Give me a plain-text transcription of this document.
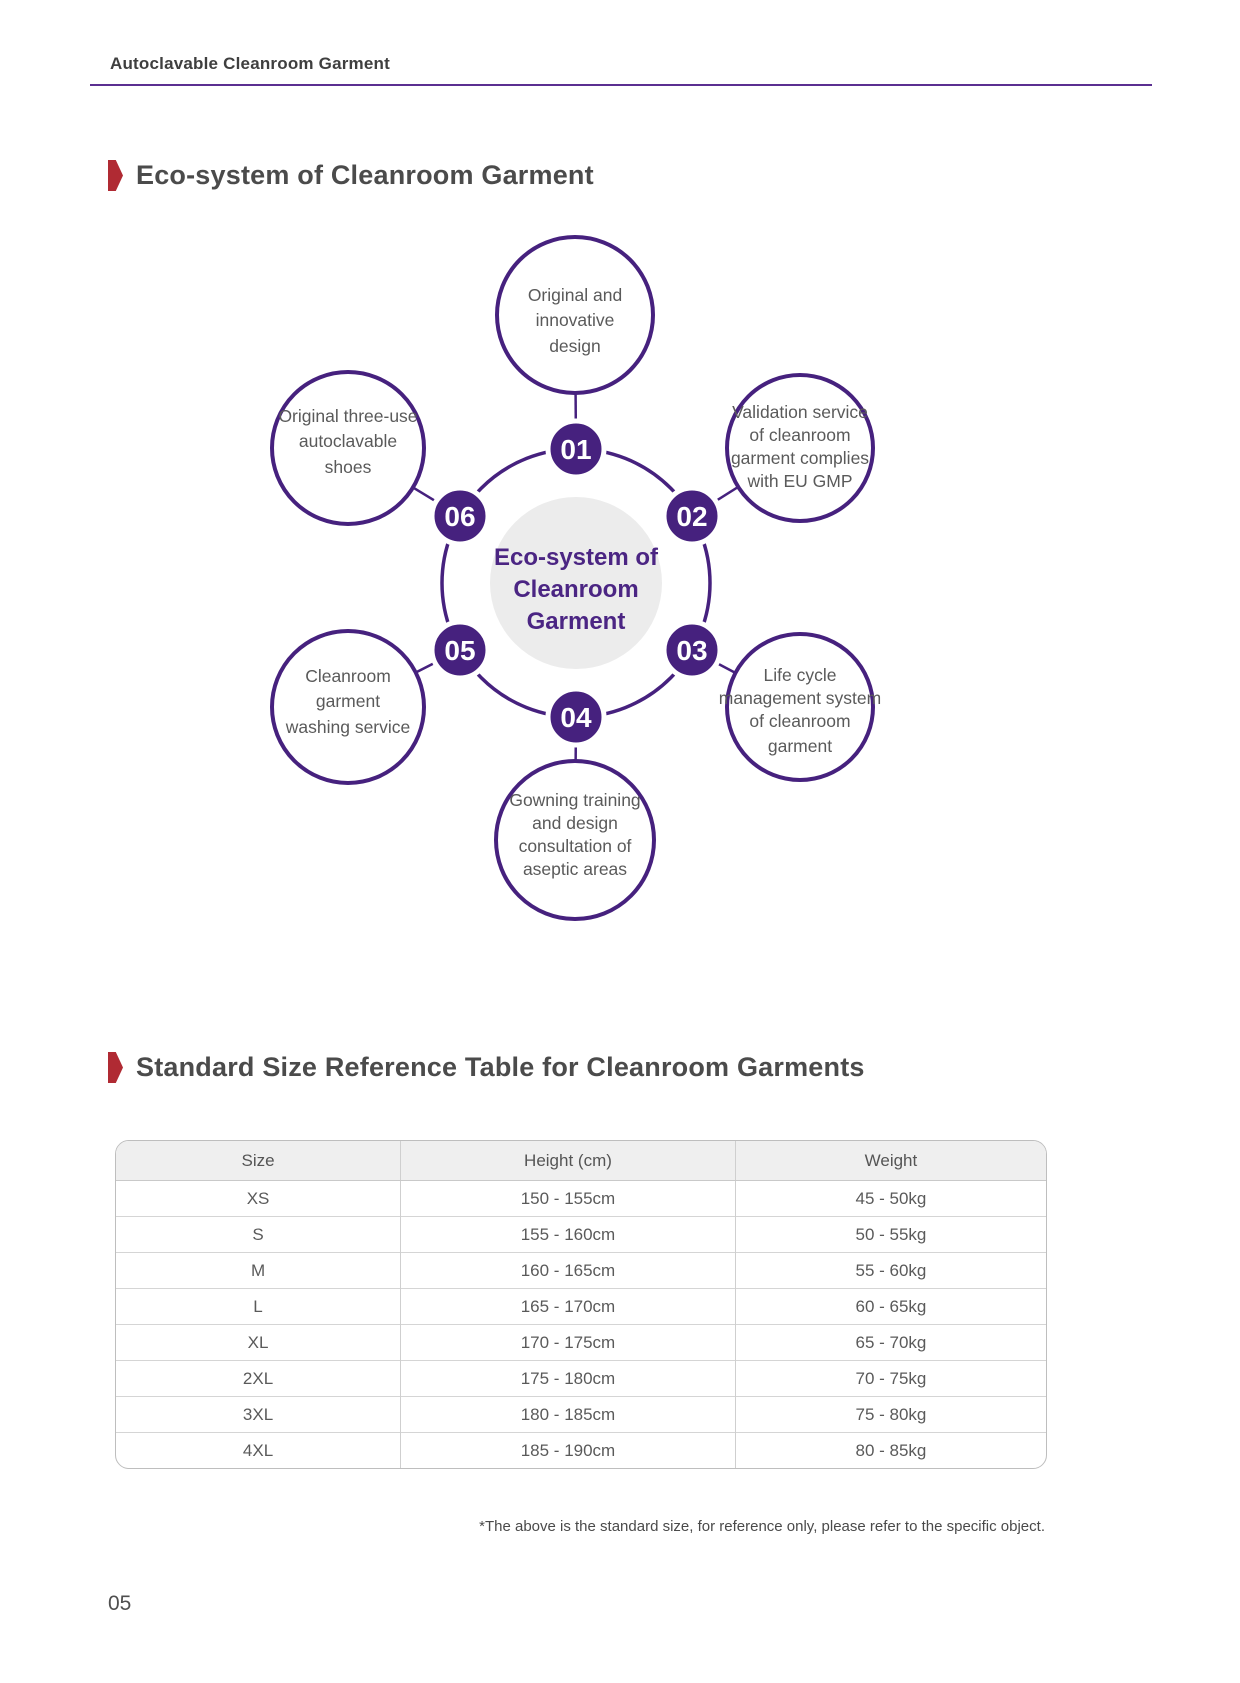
Autoclavable Cleanroom Garment
Eco-system of Cleanroom Garment
Eco-system of
Cleanroom
Garment
Original and
innovative
design
Validation service
of cleanroom
garment complies
with EU GMP
Life cycle
management system
of cleanroom
garment
Gowning training
and design
consultation of
aseptic areas
Cleanroom
garment
washing service
Original three-use
autoclavable
shoes
01
02
03
04
05
06
Standard Size Reference Table for Cleanroom Garments
Size	Height (cm)	Weight
XS	150 - 155cm	45 - 50kg
S	155 - 160cm	50 - 55kg
M	160 - 165cm	55 - 60kg
L	165 - 170cm	60 - 65kg
XL	170 - 175cm	65 - 70kg
2XL	175 - 180cm	70 - 75kg
3XL	180 - 185cm	75 - 80kg
4XL	185 - 190cm	80 - 85kg
*The above is the standard size, for reference only, please refer to the specific object.
05
